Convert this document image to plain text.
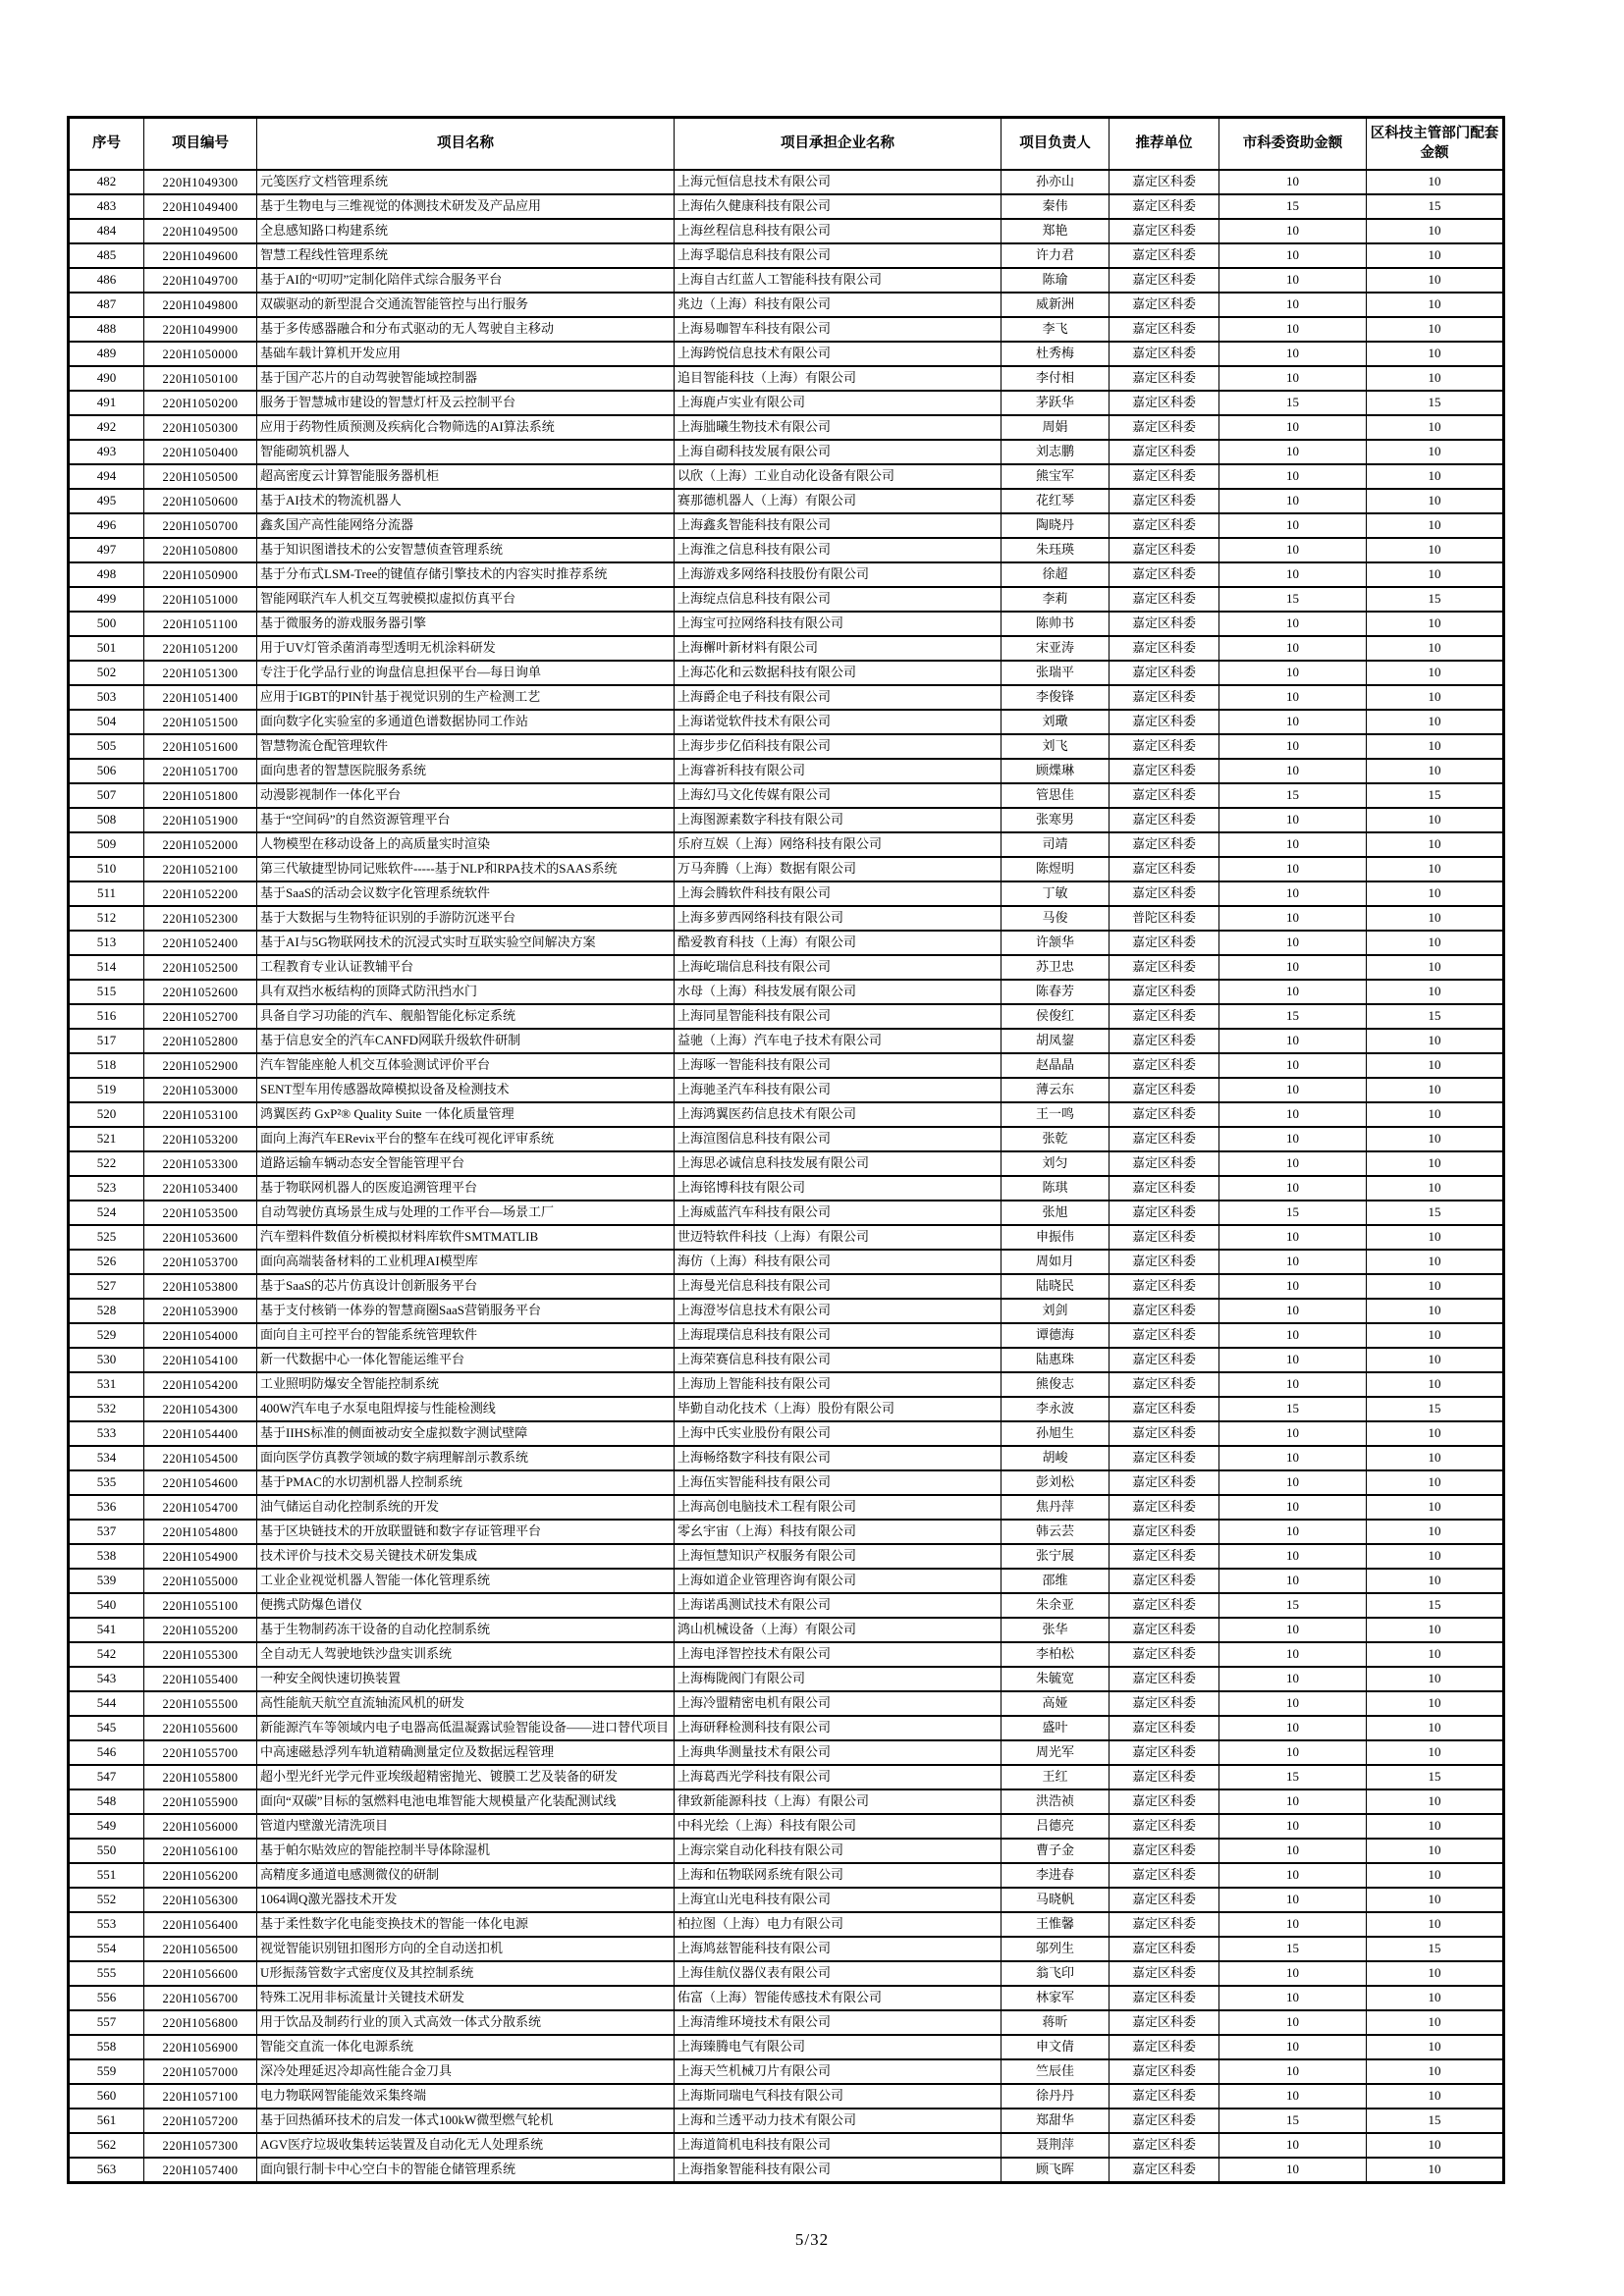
序号	项目编号	项目名称	项目承担企业名称	项目负责人	推荐单位	市科委资助金额	区科技主管部门配套金额
482	220H1049300	元笺医疗文档管理系统	上海元恒信息技术有限公司	孙亦山	嘉定区科委	10	10
483	220H1049400	基于生物电与三维视觉的体测技术研发及产品应用	上海佑久健康科技有限公司	秦伟	嘉定区科委	15	15
484	220H1049500	全息感知路口构建系统	上海丝程信息科技有限公司	郑艳	嘉定区科委	10	10
485	220H1049600	智慧工程线性管理系统	上海孚聪信息科技有限公司	许力君	嘉定区科委	10	10
486	220H1049700	基于AI的“叨叨”定制化陪伴式综合服务平台	上海自古红蓝人工智能科技有限公司	陈瑜	嘉定区科委	10	10
487	220H1049800	双碳驱动的新型混合交通流智能管控与出行服务	兆边（上海）科技有限公司	威新洲	嘉定区科委	10	10
488	220H1049900	基于多传感器融合和分布式驱动的无人驾驶自主移动	上海易咖智车科技有限公司	李飞	嘉定区科委	10	10
489	220H1050000	基础车载计算机开发应用	上海跨悦信息技术有限公司	杜秀梅	嘉定区科委	10	10
490	220H1050100	基于国产芯片的自动驾驶智能域控制器	追目智能科技（上海）有限公司	李付相	嘉定区科委	10	10
491	220H1050200	服务于智慧城市建设的智慧灯杆及云控制平台	上海鹿卢实业有限公司	茅跃华	嘉定区科委	15	15
492	220H1050300	应用于药物性质预测及疾病化合物筛选的AI算法系统	上海朏曦生物技术有限公司	周娟	嘉定区科委	10	10
493	220H1050400	智能砌筑机器人	上海自砌科技发展有限公司	刘志鹏	嘉定区科委	10	10
494	220H1050500	超高密度云计算智能服务器机柜	以欣（上海）工业自动化设备有限公司	熊宝军	嘉定区科委	10	10
495	220H1050600	基于AI技术的物流机器人	赛那德机器人（上海）有限公司	花红琴	嘉定区科委	10	10
496	220H1050700	鑫炙国产高性能网络分流器	上海鑫炙智能科技有限公司	陶晓丹	嘉定区科委	10	10
497	220H1050800	基于知识图谱技术的公安智慧侦查管理系统	上海淮之信息科技有限公司	朱珏瑛	嘉定区科委	10	10
498	220H1050900	基于分布式LSM-Tree的键值存储引擎技术的内容实时推荐系统	上海游戏多网络科技股份有限公司	徐超	嘉定区科委	10	10
499	220H1051000	智能网联汽车人机交互驾驶模拟虚拟仿真平台	上海绽点信息科技有限公司	李莉	嘉定区科委	15	15
500	220H1051100	基于微服务的游戏服务器引擎	上海宝可拉网络科技有限公司	陈帅书	嘉定区科委	10	10
501	220H1051200	用于UV灯管杀菌消毒型透明无机涂料研发	上海檞叶新材料有限公司	宋亚涛	嘉定区科委	10	10
502	220H1051300	专注于化学品行业的询盘信息担保平台—每日询单	上海芯化和云数据科技有限公司	张瑞平	嘉定区科委	10	10
503	220H1051400	应用于IGBT的PIN针基于视觉识别的生产检测工艺	上海爵企电子科技有限公司	李俊锋	嘉定区科委	10	10
504	220H1051500	面向数字化实验室的多通道色谱数据协同工作站	上海诺觉软件技术有限公司	刘璥	嘉定区科委	10	10
505	220H1051600	智慧物流仓配管理软件	上海步步亿佰科技有限公司	刘飞	嘉定区科委	10	10
506	220H1051700	面向患者的智慧医院服务系统	上海睿祈科技有限公司	顾煠琳	嘉定区科委	10	10
507	220H1051800	动漫影视制作一体化平台	上海幻马文化传媒有限公司	管思佳	嘉定区科委	15	15
508	220H1051900	基于“空间码”的自然资源管理平台	上海图源素数字科技有限公司	张寒男	嘉定区科委	10	10
509	220H1052000	人物模型在移动设备上的高质量实时渲染	乐府互娱（上海）网络科技有限公司	司靖	嘉定区科委	10	10
510	220H1052100	第三代敏捷型协同记账软件-----基于NLP和RPA技术的SAAS系统	万马奔腾（上海）数据有限公司	陈煜明	嘉定区科委	10	10
511	220H1052200	基于SaaS的活动会议数字化管理系统软件	上海会腾软件科技有限公司	丁敏	嘉定区科委	10	10
512	220H1052300	基于大数据与生物特征识别的手游防沉迷平台	上海多萝西网络科技有限公司	马俊	普陀区科委	10	10
513	220H1052400	基于AI与5G物联网技术的沉浸式实时互联实验空间解决方案	酷爱教育科技（上海）有限公司	许颔华	嘉定区科委	10	10
514	220H1052500	工程教育专业认证教辅平台	上海屹瑞信息科技有限公司	苏卫忠	嘉定区科委	10	10
515	220H1052600	具有双挡水板结构的顶降式防汛挡水门	水母（上海）科技发展有限公司	陈春芳	嘉定区科委	10	10
516	220H1052700	具备自学习功能的汽车、舰船智能化标定系统	上海同星智能科技有限公司	侯俊红	嘉定区科委	15	15
517	220H1052800	基于信息安全的汽车CANFD网联升级软件研制	益驰（上海）汽车电子技术有限公司	胡凤鋆	嘉定区科委	10	10
518	220H1052900	汽车智能座舱人机交互体验测试评价平台	上海啄一智能科技有限公司	赵晶晶	嘉定区科委	10	10
519	220H1053000	SENT型车用传感器故障模拟设备及检测技术	上海驰圣汽车科技有限公司	薄云东	嘉定区科委	10	10
520	220H1053100	鸿翼医药 GxP²® Quality Suite 一体化质量管理	上海鸿翼医药信息技术有限公司	王一鸣	嘉定区科委	10	10
521	220H1053200	面向上海汽车ERevix平台的整车在线可视化评审系统	上海渲图信息科技有限公司	张乾	嘉定区科委	10	10
522	220H1053300	道路运输车辆动态安全智能管理平台	上海思必诚信息科技发展有限公司	刘匀	嘉定区科委	10	10
523	220H1053400	基于物联网机器人的医废追溯管理平台	上海铭博科技有限公司	陈琪	嘉定区科委	10	10
524	220H1053500	自动驾驶仿真场景生成与处理的工作平台—场景工厂	上海威蓝汽车科技有限公司	张旭	嘉定区科委	15	15
525	220H1053600	汽车塑料件数值分析模拟材料库软件SMTMATLIB	世迈特软件科技（上海）有限公司	申振伟	嘉定区科委	10	10
526	220H1053700	面向高端装备材料的工业机理AI模型库	海仿（上海）科技有限公司	周如月	嘉定区科委	10	10
527	220H1053800	基于SaaS的芯片仿真设计创新服务平台	上海曼光信息科技有限公司	陆晓民	嘉定区科委	10	10
528	220H1053900	基于支付核销一体券的智慧商圈SaaS营销服务平台	上海澄岑信息技术有限公司	刘剑	嘉定区科委	10	10
529	220H1054000	面向自主可控平台的智能系统管理软件	上海琨璞信息科技有限公司	谭德海	嘉定区科委	10	10
530	220H1054100	新一代数据中心一体化智能运维平台	上海荣赛信息科技有限公司	陆惠珠	嘉定区科委	10	10
531	220H1054200	工业照明防爆安全智能控制系统	上海劢上智能科技有限公司	熊俊志	嘉定区科委	10	10
532	220H1054300	400W汽车电子水泵电阻焊接与性能检测线	毕勤自动化技术（上海）股份有限公司	李永波	嘉定区科委	15	15
533	220H1054400	基于IIHS标准的侧面被动安全虚拟数字测试壁障	上海中氏实业股份有限公司	孙旭生	嘉定区科委	10	10
534	220H1054500	面向医学仿真教学领域的数字病理解剖示教系统	上海畅络数字科技有限公司	胡峻	嘉定区科委	10	10
535	220H1054600	基于PMAC的水切割机器人控制系统	上海伍实智能科技有限公司	彭刘松	嘉定区科委	10	10
536	220H1054700	油气储运自动化控制系统的开发	上海高创电脑技术工程有限公司	焦丹萍	嘉定区科委	10	10
537	220H1054800	基于区块链技术的开放联盟链和数字存证管理平台	零幺宇宙（上海）科技有限公司	韩云芸	嘉定区科委	10	10
538	220H1054900	技术评价与技术交易关键技术研发集成	上海恒慧知识产权服务有限公司	张宁展	嘉定区科委	10	10
539	220H1055000	工业企业视觉机器人智能一体化管理系统	上海如道企业管理咨询有限公司	邵维	嘉定区科委	10	10
540	220H1055100	便携式防爆色谱仪	上海诺禹测试技术有限公司	朱余亚	嘉定区科委	15	15
541	220H1055200	基于生物制药冻干设备的自动化控制系统	鸿山机械设备（上海）有限公司	张华	嘉定区科委	10	10
542	220H1055300	全自动无人驾驶地铁沙盘实训系统	上海电泽智控技术有限公司	李柏松	嘉定区科委	10	10
543	220H1055400	一种安全阀快速切换装置	上海梅陇阀门有限公司	朱毓宽	嘉定区科委	10	10
544	220H1055500	高性能航天航空直流轴流风机的研发	上海冷盟精密电机有限公司	高娅	嘉定区科委	10	10
545	220H1055600	新能源汽车等领域内电子电器高低温凝露试验智能设备——进口替代项目	上海研释检测科技有限公司	盛叶	嘉定区科委	10	10
546	220H1055700	中高速磁悬浮列车轨道精确测量定位及数据远程管理	上海典华测量技术有限公司	周光军	嘉定区科委	10	10
547	220H1055800	超小型光纤光学元件亚埃级超精密抛光、镀膜工艺及装备的研发	上海葛西光学科技有限公司	王红	嘉定区科委	15	15
548	220H1055900	面向“双碳”目标的氢燃料电池电堆智能大规模量产化装配测试线	律致新能源科技（上海）有限公司	洪浩祯	嘉定区科委	10	10
549	220H1056000	管道内壁激光清洗项目	中科光绘（上海）科技有限公司	吕德亮	嘉定区科委	10	10
550	220H1056100	基于帕尔贴效应的智能控制半导体除湿机	上海宗棠自动化科技有限公司	曹子金	嘉定区科委	10	10
551	220H1056200	高精度多通道电感测微仪的研制	上海和伍物联网系统有限公司	李进春	嘉定区科委	10	10
552	220H1056300	1064调Q激光器技术开发	上海宜山光电科技有限公司	马晓帆	嘉定区科委	10	10
553	220H1056400	基于柔性数字化电能变换技术的智能一体化电源	柏拉图（上海）电力有限公司	王惟馨	嘉定区科委	10	10
554	220H1056500	视觉智能识别钮扣图形方向的全自动送扣机	上海鸠兹智能科技有限公司	邬列生	嘉定区科委	15	15
555	220H1056600	U形振荡管数字式密度仪及其控制系统	上海佳航仪器仪表有限公司	翁飞印	嘉定区科委	10	10
556	220H1056700	特殊工况用非标流量计关键技术研发	佑富（上海）智能传感技术有限公司	林家军	嘉定区科委	10	10
557	220H1056800	用于饮品及制药行业的顶入式高效一体式分散系统	上海清维环境技术有限公司	蒋昕	嘉定区科委	10	10
558	220H1056900	智能交直流一体化电源系统	上海臻腾电气有限公司	申文倩	嘉定区科委	10	10
559	220H1057000	深冷处理延迟冷却高性能合金刀具	上海天竺机械刀片有限公司	竺辰佳	嘉定区科委	10	10
560	220H1057100	电力物联网智能能效采集终端	上海斯同瑞电气科技有限公司	徐丹丹	嘉定区科委	10	10
561	220H1057200	基于回热循环技术的启发一体式100kW微型燃气轮机	上海和兰透平动力技术有限公司	郑甜华	嘉定区科委	15	15
562	220H1057300	AGV医疗垃圾收集转运装置及自动化无人处理系统	上海道简机电科技有限公司	聂荆萍	嘉定区科委	10	10
563	220H1057400	面向银行制卡中心空白卡的智能仓储管理系统	上海指象智能科技有限公司	顾飞晖	嘉定区科委	10	10
5/32
